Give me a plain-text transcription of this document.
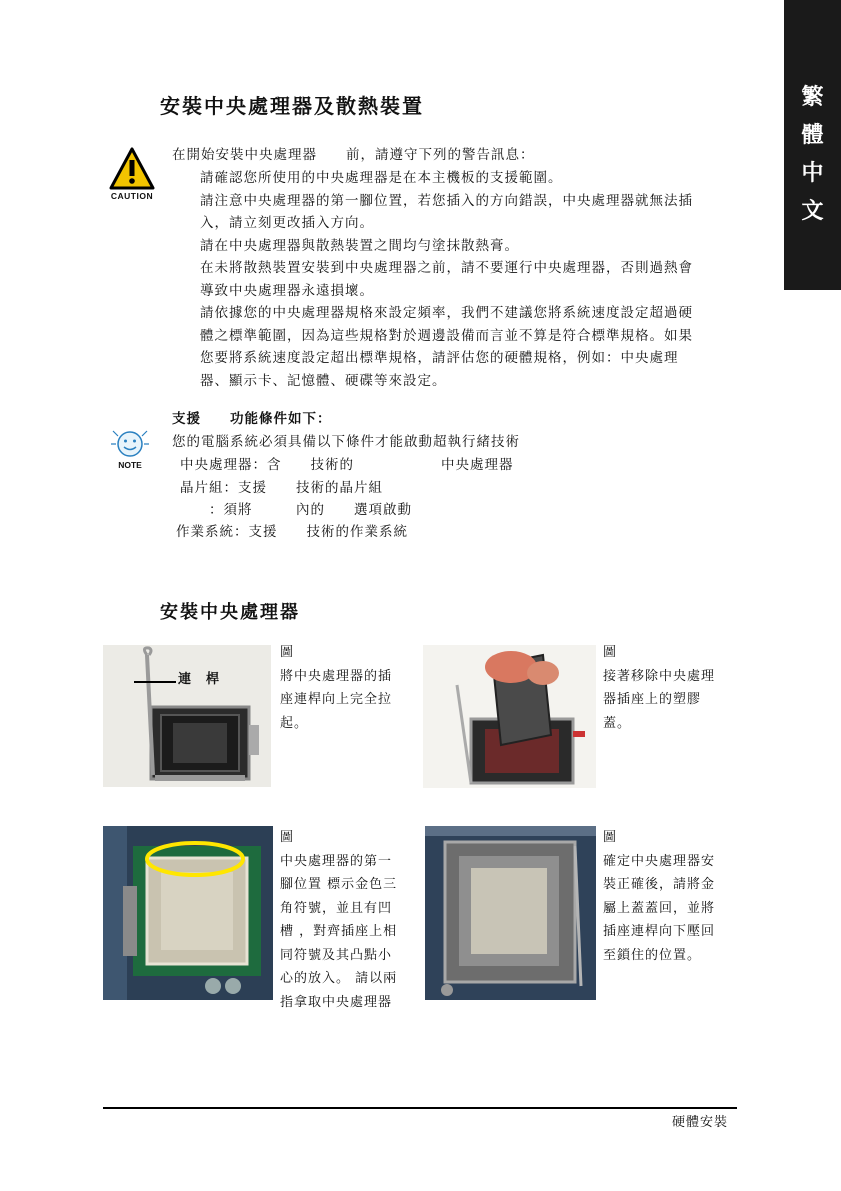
繁
體
中
文
安裝中央處理器及散熱裝置
CAUTION
在開始安裝中央處理器　　前，請遵守下列的警告訊息：
請確認您所使用的中央處理器是在本主機板的支援範圍。
請注意中央處理器的第一腳位置，若您插入的方向錯誤，中央處理器就無法插
入，請立刻更改插入方向。
請在中央處理器與散熱裝置之間均勻塗抹散熱膏。
在未將散熱裝置安裝到中央處理器之前，請不要運行中央處理器，否則過熱會
導致中央處理器永遠損壞。
請依據您的中央處理器規格來設定頻率，我們不建議您將系統速度設定超過硬
體之標準範圍，因為這些規格對於週邊設備而言並不算是符合標準規格。如果
您要將系統速度設定超出標準規格，請評估您的硬體規格，例如：中央處理
器、顯示卡、記憶體、硬碟等來設定。
NOTE
支援　　功能條件如下：
您的電腦系統必須具備以下條件才能啟動超執行緒技術
中央處理器：含　　技術的　　　　　　中央處理器
晶片組：支援　　技術的晶片組
　　：須將　　　內的　　選項啟動
作業系統：支援　　技術的作業系統
安裝中央處理器
連　桿
圖
將中央處理器的插
座連桿向上完全拉
起。
圖
接著移除中央處理
器插座上的塑膠
蓋。
圖
中央處理器的第一
腳位置 標示金色三
角符號，並且有凹
槽 ，對齊插座上相
同符號及其凸點小
心的放入。 請以兩
指拿取中央處理器
圖
確定中央處理器安
裝正確後，請將金
屬上蓋蓋回，並將
插座連桿向下壓回
至鎖住的位置。
硬體安裝
